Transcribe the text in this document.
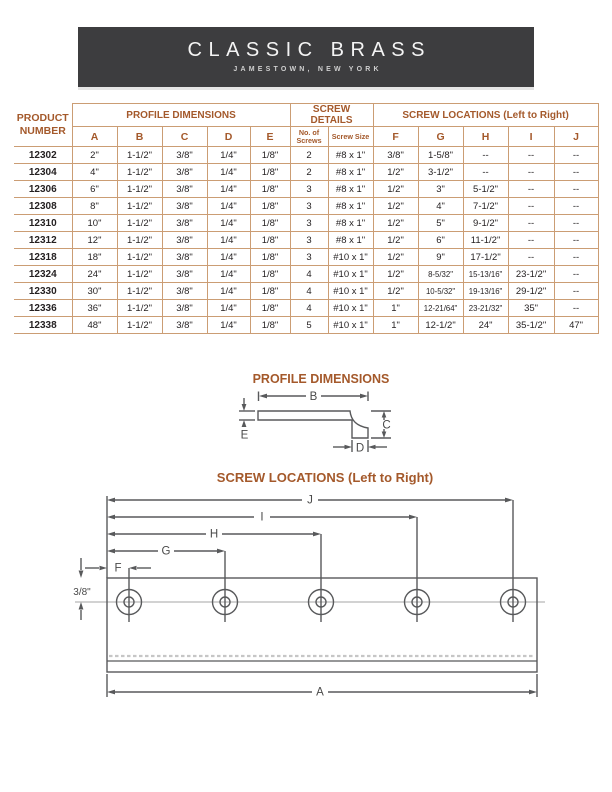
CLASSIC BRASS
JAMESTOWN, NEW YORK
PRODUCT NUMBER	PROFILE DIMENSIONS					SCREW DETAILS		SCREW LOCATIONS (Left to Right)				
	A	B	C	D	E	No. of Screws	Screw Size	F	G	H	I	J
12302	2"	1-1/2"	3/8"	1/4"	1/8"	2	#8 x 1"	3/8"	1-5/8"	--	--	--
12304	4"	1-1/2"	3/8"	1/4"	1/8"	2	#8 x 1"	1/2"	3-1/2"	--	--	--
12306	6"	1-1/2"	3/8"	1/4"	1/8"	3	#8 x 1"	1/2"	3"	5-1/2"	--	--
12308	8"	1-1/2"	3/8"	1/4"	1/8"	3	#8 x 1"	1/2"	4"	7-1/2"	--	--
12310	10"	1-1/2"	3/8"	1/4"	1/8"	3	#8 x 1"	1/2"	5"	9-1/2"	--	--
12312	12"	1-1/2"	3/8"	1/4"	1/8"	3	#8 x 1"	1/2"	6"	11-1/2"	--	--
12318	18"	1-1/2"	3/8"	1/4"	1/8"	3	#10 x 1"	1/2"	9"	17-1/2"	--	--
12324	24"	1-1/2"	3/8"	1/4"	1/8"	4	#10 x 1"	1/2"	8-5/32"	15-13/16"	23-1/2"	--
12330	30"	1-1/2"	3/8"	1/4"	1/8"	4	#10 x 1"	1/2"	10-5/32"	19-13/16"	29-1/2"	--
12336	36"	1-1/2"	3/8"	1/4"	1/8"	4	#10 x 1"	1"	12-21/64"	23-21/32"	35"	--
12338	48"	1-1/2"	3/8"	1/4"	1/8"	5	#10 x 1"	1"	12-1/2"	24"	35-1/2"	47"
PROFILE DIMENSIONS
B
C
D
E
SCREW LOCATIONS (Left to Right)
J
I
H
G
F
3/8"
A
